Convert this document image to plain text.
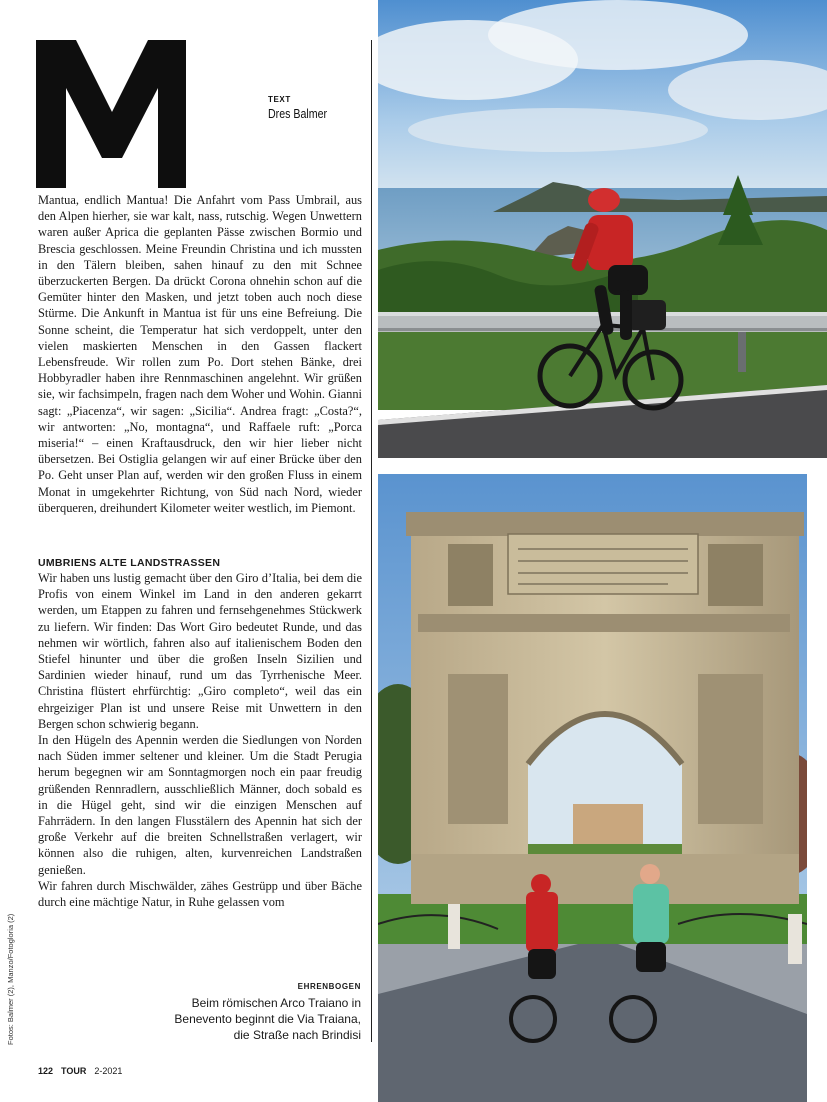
TEXT
Dres Balmer

Mantua, endlich Mantua! Die Anfahrt vom Pass Umbrail, aus den Alpen hierher, sie war kalt, nass, rutschig. Wegen Unwettern waren außer Aprica die geplanten Pässe zwischen Bormio und Brescia geschlossen. Meine Freundin Christina und ich mussten in den Tälern bleiben, sahen hinauf zu den mit Schnee überzuckerten Bergen. Da drückt Corona ohnehin schon auf die Gemüter hinter den Masken, und jetzt toben auch noch diese Stürme. Die Ankunft in Mantua ist für uns eine Befreiung. Die Sonne scheint, die Temperatur hat sich verdoppelt, unter den vielen maskierten Menschen in den Gassen flackert Lebensfreude. Wir rollen zum Po. Dort stehen Bänke, drei Hobbyradler haben ihre Rennmaschinen angelehnt. Wir grüßen sie, wir fachsimpeln, fragen nach dem Woher und Wohin. Gianni sagt: „Piacenza“, wir sagen: „Sicilia“. Andrea fragt: „Costa?“, wir antworten: „No, montagna“, und Raffaele ruft: „Porca miseria!“ – einen Kraftausdruck, den wir hier lieber nicht übersetzen. Bei Ostiglia gelangen wir auf einer Brücke über den Po. Geht unser Plan auf, werden wir den großen Fluss in einem Monat in umgekehrter Richtung, von Süd nach Nord, wieder überqueren, dreihundert Kilometer weiter westlich, im Piemont.

UMBRIENS ALTE LANDSTRASSEN

Wir haben uns lustig gemacht über den Giro d’Italia, bei dem die Profis von einem Winkel im Land in den anderen gekarrt werden, um Etappen zu fahren und fernsehgenehmes Stückwerk zu liefern. Wir finden: Das Wort Giro bedeutet Runde, und das nehmen wir wörtlich, fahren also auf italienischem Boden den Stiefel hinunter und über die großen Inseln Sizilien und Sardinien wieder hinauf, rund um das Tyrrhenische Meer. Christina flüstert ehrfürchtig: „Giro completo“, weil das ein ehrgeiziger Plan ist und unsere Reise mit Unwettern in den Bergen schon schwierig begann.

In den Hügeln des Apennin werden die Siedlungen von Norden nach Süden immer seltener und kleiner. Um die Stadt Perugia herum begegnen wir am Sonntagmorgen noch ein paar freudig grüßenden Rennradlern, ausschließlich Männer, doch sobald es in die Hügel geht, sind wir die einzigen Menschen auf Fahrrädern. In den langen Flusstälern des Apennin hat sich der große Verkehr auf die breiten Schnellstraßen verlagert, wir können also die ruhigen, alten, kurvenreichen Landstraßen genießen.

Wir fahren durch Mischwälder, zähes Gestrüpp und über Bäche durch eine mächtige Natur, in Ruhe gelassen vom

EHRENBOGEN
Beim römischen Arco Traiano in Benevento beginnt die Via Traiana, die Straße nach Brindisi
Fotos: Balmer (2), Manzo/Fotogloria (2)
122 TOUR 2-2021
